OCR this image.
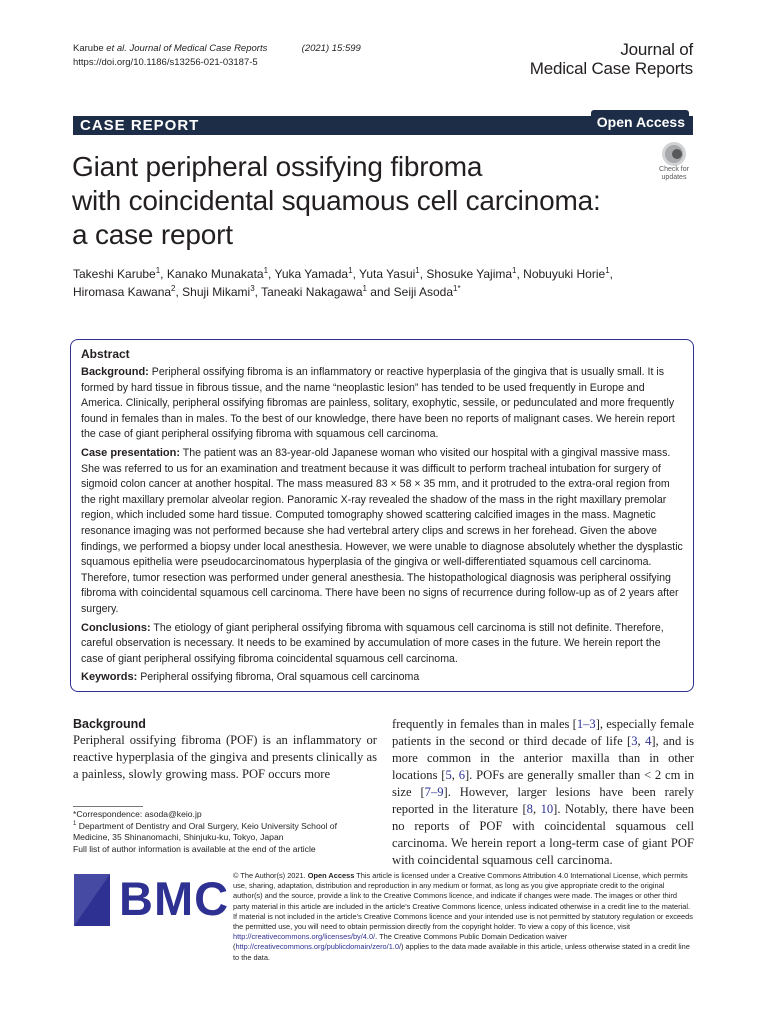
Karube et al. Journal of Medical Case Reports	(2021) 15:599
https://doi.org/10.1186/s13256-021-03187-5
Journal of
Medical Case Reports
CASE REPORT	Open Access
Giant peripheral ossifying fibroma
with coincidental squamous cell carcinoma:
a case report
Check for
updates
Takeshi Karube$^1$, Kanako Munakata$^1$, Yuka Yamada$^1$, Yuta Yasui$^1$, Shosuke Yajima$^1$, Nobuyuki Horie$^1$,
Hiromasa Kawana$^2$, Shuji Mikami$^3$, Taneaki Nakagawa$^1$ and Seiji Asoda$^{1*}$
Abstract

Background: Peripheral ossifying fibroma is an inflammatory or reactive hyperplasia of the gingiva that is usually small. It is formed by hard tissue in fibrous tissue, and the name “neoplastic lesion” has tended to be used frequently in Europe and America. Clinically, peripheral ossifying fibromas are painless, solitary, exophytic, sessile, or pedunculated and more frequently found in females than in males. To the best of our knowledge, there have been no reports of malignant cases. We herein report the case of giant peripheral ossifying fibroma with squamous cell carcinoma.

Case presentation: The patient was an 83-year-old Japanese woman who visited our hospital with a gingival massive mass. She was referred to us for an examination and treatment because it was difficult to perform tracheal intubation for surgery of sigmoid colon cancer at another hospital. The mass measured 83 × 58 × 35 mm, and it protruded to the extra-oral region from the right maxillary premolar alveolar region. Panoramic X-ray revealed the shadow of the mass in the right maxillary premolar region, which included some hard tissue. Computed tomography showed scattering calcified images in the mass. Magnetic resonance imaging was not performed because she had vertebral artery clips and screws in her forehead. Given the above findings, we performed a biopsy under local anesthesia. However, we were unable to diagnose absolutely whether the dysplastic squamous epithelia were pseudocarcinomatous hyperplasia of the gingiva or well-differentiated squamous cell carcinoma. Therefore, tumor resection was performed under general anesthesia. The histopathological diagnosis was peripheral ossifying fibroma with coincidental squamous cell carcinoma. There have been no signs of recurrence during follow-up as of 2 years after surgery.

Conclusions: The etiology of giant peripheral ossifying fibroma with squamous cell carcinoma is still not definite. Therefore, careful observation is necessary. It needs to be examined by accumulation of more cases in the future. We herein report the case of giant peripheral ossifying fibroma coincidental squamous cell carcinoma.

Keywords: Peripheral ossifying fibroma, Oral squamous cell carcinoma

Background

Peripheral ossifying fibroma (POF) is an inflammatory or reactive hyperplasia of the gingiva and presents clinically as a painless, slowly growing mass. POF occurs more

frequently in females than in males [1–3], especially female patients in the second or third decade of life [3, 4], and is more common in the anterior maxilla than in other locations [5, 6]. POFs are generally smaller than < 2 cm in size [7–9]. However, larger lesions have been rarely reported in the literature [8, 10]. Notably, there have been no reports of POF with coincidental squamous cell carcinoma. We herein report a long-term case of giant POF with coincidental squamous cell carcinoma.

*Correspondence: asoda@keio.jp
$^1$ Department of Dentistry and Oral Surgery, Keio University School of Medicine, 35 Shinanomachi, Shinjuku-ku, Tokyo, Japan
Full list of author information is available at the end of the article
BMC © The Author(s) 2021. Open Access This article is licensed under a Creative Commons Attribution 4.0 International License, which permits use, sharing, adaptation, distribution and reproduction in any medium or format, as long as you give appropriate credit to the original author(s) and the source, provide a link to the Creative Commons licence, and indicate if changes were made. The images or other third party material in this article are included in the article’s Creative Commons licence, unless indicated otherwise in a credit line to the material. If material is not included in the article’s Creative Commons licence and your intended use is not permitted by statutory regulation or exceeds the permitted use, you will need to obtain permission directly from the copyright holder. To view a copy of this licence, visit http://creativecommons.org/licenses/by/4.0/. The Creative Commons Public Domain Dedication waiver (http://creativecommons.org/publicdomain/zero/1.0/) applies to the data made available in this article, unless otherwise stated in a credit line to the data.
